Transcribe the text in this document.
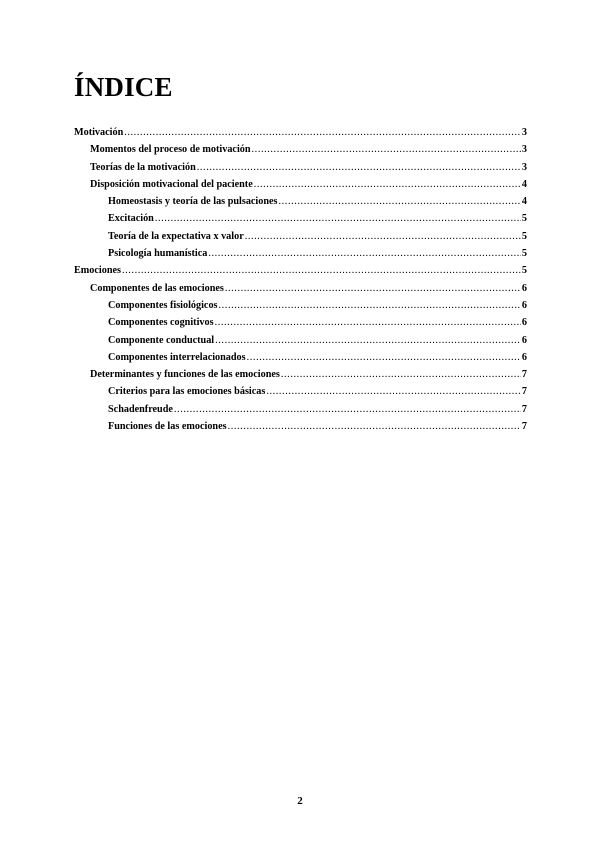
ÍNDICE
Motivación .....	3
Momentos del proceso de motivación .....	3
Teorías de la motivación .....	3
Disposición motivacional del paciente .....	4
Homeostasis y teoría de las pulsaciones .....	4
Excitación .....	5
Teoría de la expectativa x valor .....	5
Psicología humanística .....	5
Emociones .....	5
Componentes de las emociones .....	6
Componentes fisiológicos .....	6
Componentes cognitivos .....	6
Componente conductual .....	6
Componentes interrelacionados .....	6
Determinantes y funciones de las emociones .....	7
Criterios para las emociones básicas .....	7
Schadenfreude .....	7
Funciones de las emociones .....	7

2
